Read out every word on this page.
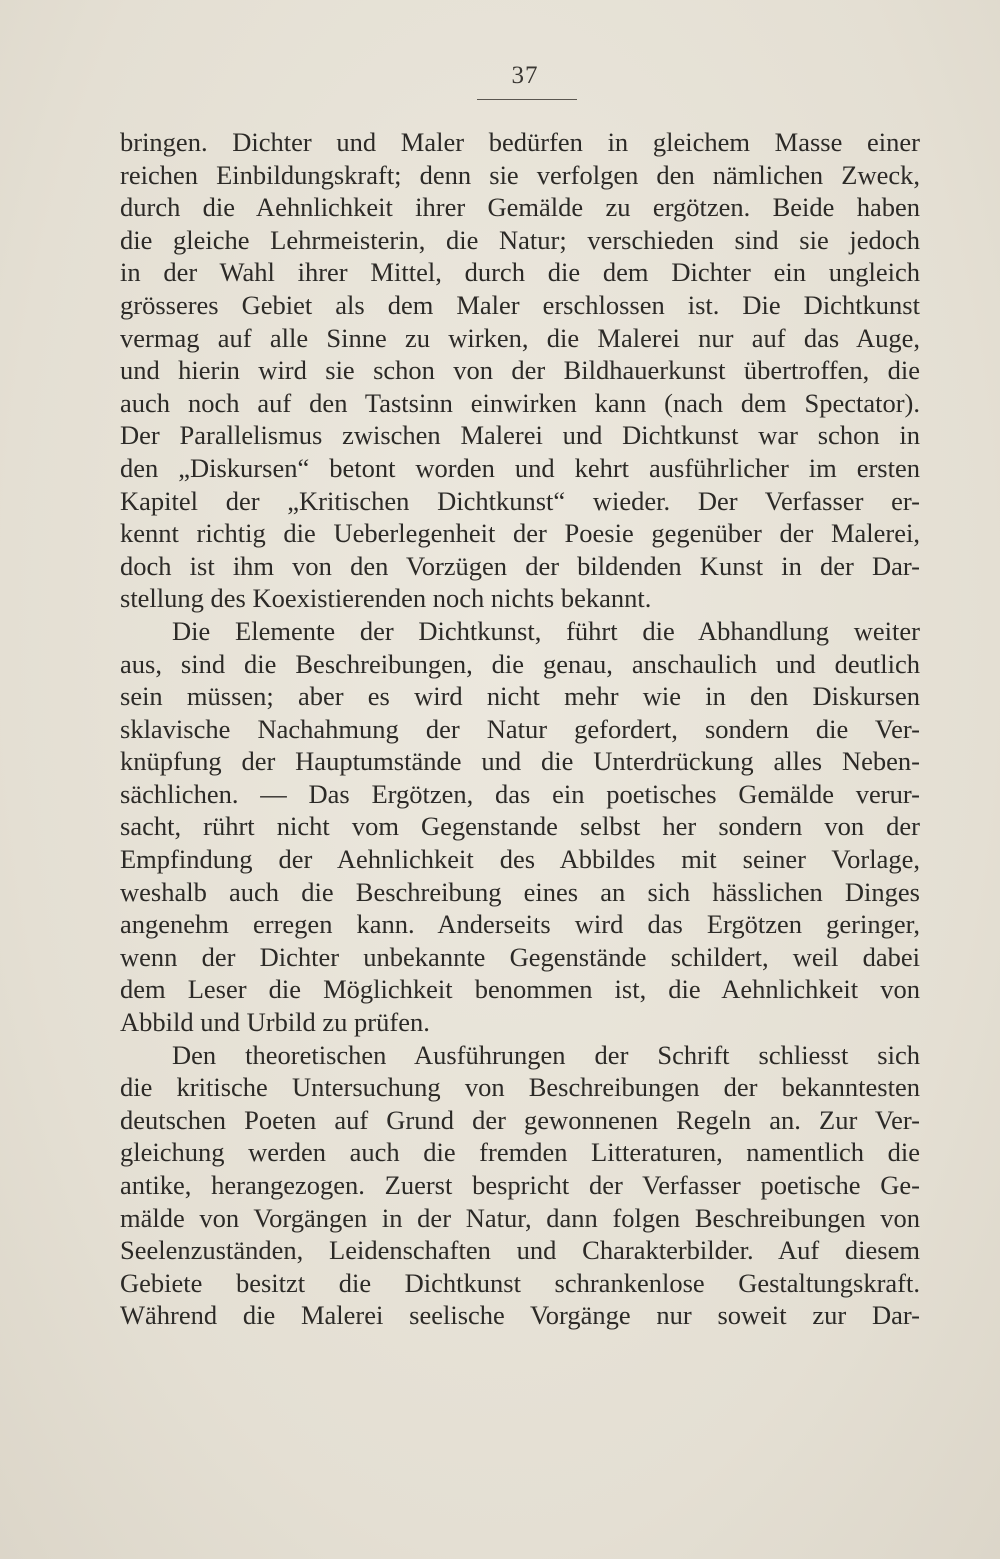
37
bringen. Dichter und Maler bedürfen in gleichem Masse einer
reichen Einbildungskraft; denn sie verfolgen den nämlichen Zweck,
durch die Aehnlichkeit ihrer Gemälde zu ergötzen. Beide haben
die gleiche Lehrmeisterin, die Natur; verschieden sind sie jedoch
in der Wahl ihrer Mittel, durch die dem Dichter ein ungleich
grösseres Gebiet als dem Maler erschlossen ist. Die Dichtkunst
vermag auf alle Sinne zu wirken, die Malerei nur auf das Auge,
und hierin wird sie schon von der Bildhauerkunst übertroffen, die
auch noch auf den Tastsinn einwirken kann (nach dem Spectator).
Der Parallelismus zwischen Malerei und Dichtkunst war schon in
den „Diskursen“ betont worden und kehrt ausführlicher im ersten
Kapitel der „Kritischen Dichtkunst“ wieder. Der Verfasser er-
kennt richtig die Ueberlegenheit der Poesie gegenüber der Malerei,
doch ist ihm von den Vorzügen der bildenden Kunst in der Dar-
stellung des Koexistierenden noch nichts bekannt.
Die Elemente der Dichtkunst, führt die Abhandlung weiter
aus, sind die Beschreibungen, die genau, anschaulich und deutlich
sein müssen; aber es wird nicht mehr wie in den Diskursen
sklavische Nachahmung der Natur gefordert, sondern die Ver-
knüpfung der Hauptumstände und die Unterdrückung alles Neben-
sächlichen. — Das Ergötzen, das ein poetisches Gemälde verur-
sacht, rührt nicht vom Gegenstande selbst her sondern von der
Empfindung der Aehnlichkeit des Abbildes mit seiner Vorlage,
weshalb auch die Beschreibung eines an sich hässlichen Dinges
angenehm erregen kann. Anderseits wird das Ergötzen geringer,
wenn der Dichter unbekannte Gegenstände schildert, weil dabei
dem Leser die Möglichkeit benommen ist, die Aehnlichkeit von
Abbild und Urbild zu prüfen.
Den theoretischen Ausführungen der Schrift schliesst sich
die kritische Untersuchung von Beschreibungen der bekanntesten
deutschen Poeten auf Grund der gewonnenen Regeln an. Zur Ver-
gleichung werden auch die fremden Litteraturen, namentlich die
antike, herangezogen. Zuerst bespricht der Verfasser poetische Ge-
mälde von Vorgängen in der Natur, dann folgen Beschreibungen von
Seelenzuständen, Leidenschaften und Charakterbilder. Auf diesem
Gebiete besitzt die Dichtkunst schrankenlose Gestaltungskraft.
Während die Malerei seelische Vorgänge nur soweit zur Dar-
